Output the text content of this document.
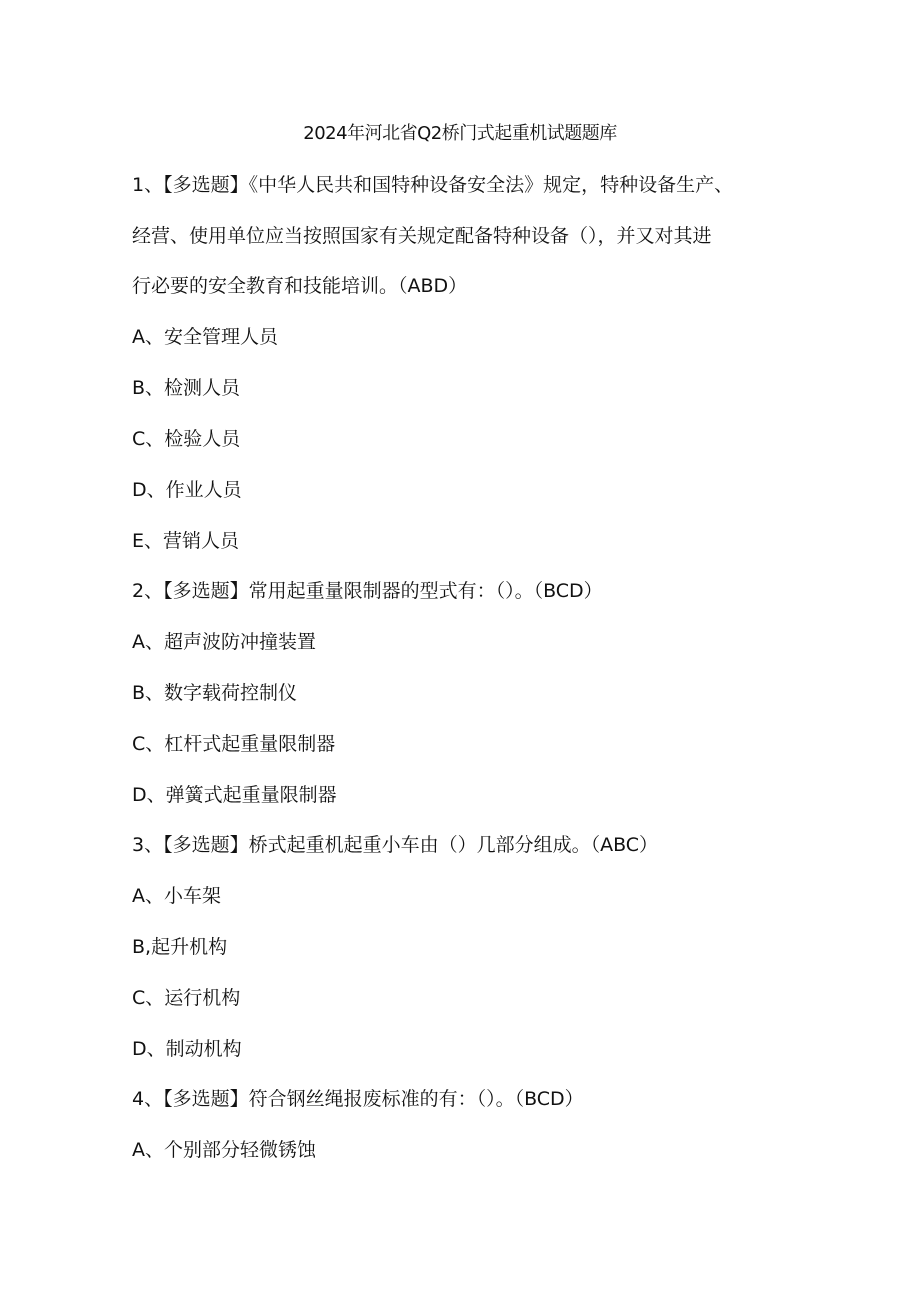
2024年河北省Q2桥门式起重机试题题库
1、【多选题】《中华人民共和国特种设备安全法》规定，特种设备生产、
经营、使用单位应当按照国家有关规定配备特种设备（），并又对其进
行必要的安全教育和技能培训。（ABD）
A、安全管理人员
B、检测人员
C、检验人员
D、作业人员
E、营销人员
2、【多选题】常用起重量限制器的型式有：（）。（BCD）
A、超声波防冲撞装置
B、数字载荷控制仪
C、杠杆式起重量限制器
D、弹簧式起重量限制器
3、【多选题】桥式起重机起重小车由（）几部分组成。（ABC）
A、小车架
B,起升机构
C、运行机构
D、制动机构
4、【多选题】符合钢丝绳报废标准的有：（）。（BCD）
A、个别部分轻微锈蚀
